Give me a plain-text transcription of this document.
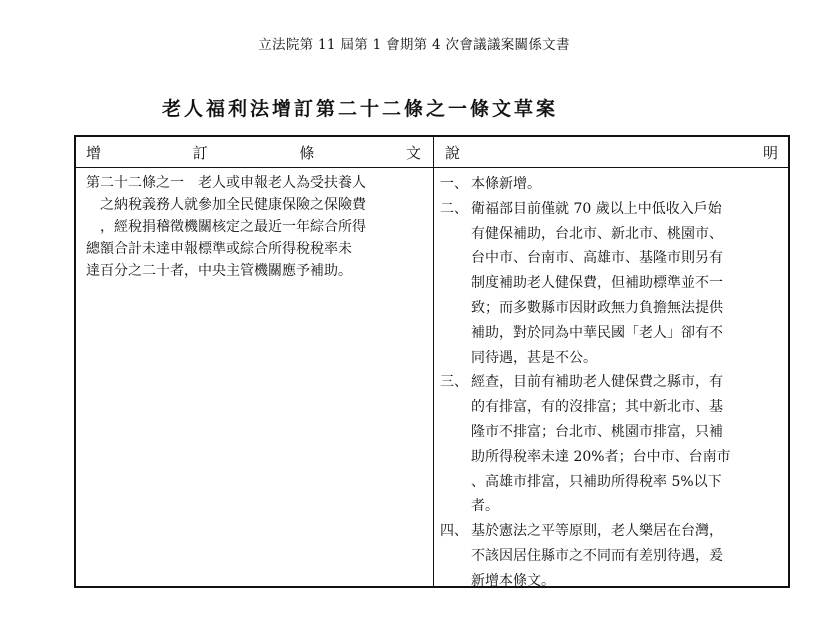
立法院第 11 屆第 1 會期第 4 次會議議案關係文書
老人福利法增訂第二十二條之一條文草案
增	訂	條	文 說	明
第二十二條之一　老人或申報老人為受扶養人
之納稅義務人就參加全民健康保險之保險費
，經稅捐稽徵機關核定之最近一年綜合所得
總額合計未達申報標準或綜合所得稅稅率未
達百分之二十者，中央主管機關應予補助。
一、 本條新增。
二、 衛福部目前僅就 70 歲以上中低收入戶始
有健保補助，台北市、新北市、桃園市、
台中市、台南市、高雄市、基隆市則另有
制度補助老人健保費，但補助標準並不一
致；而多數縣市因財政無力負擔無法提供
補助，對於同為中華民國「老人」卻有不
同待遇，甚是不公。
三、 經查，目前有補助老人健保費之縣市，有
的有排富，有的沒排富；其中新北市、基
隆市不排富；台北市、桃園市排富，只補
助所得稅率未達 20%者；台中市、台南市
、高雄市排富，只補助所得稅率 5%以下
者。
四、 基於憲法之平等原則，老人樂居在台灣，
不該因居住縣市之不同而有差別待遇，爰
新增本條文。
